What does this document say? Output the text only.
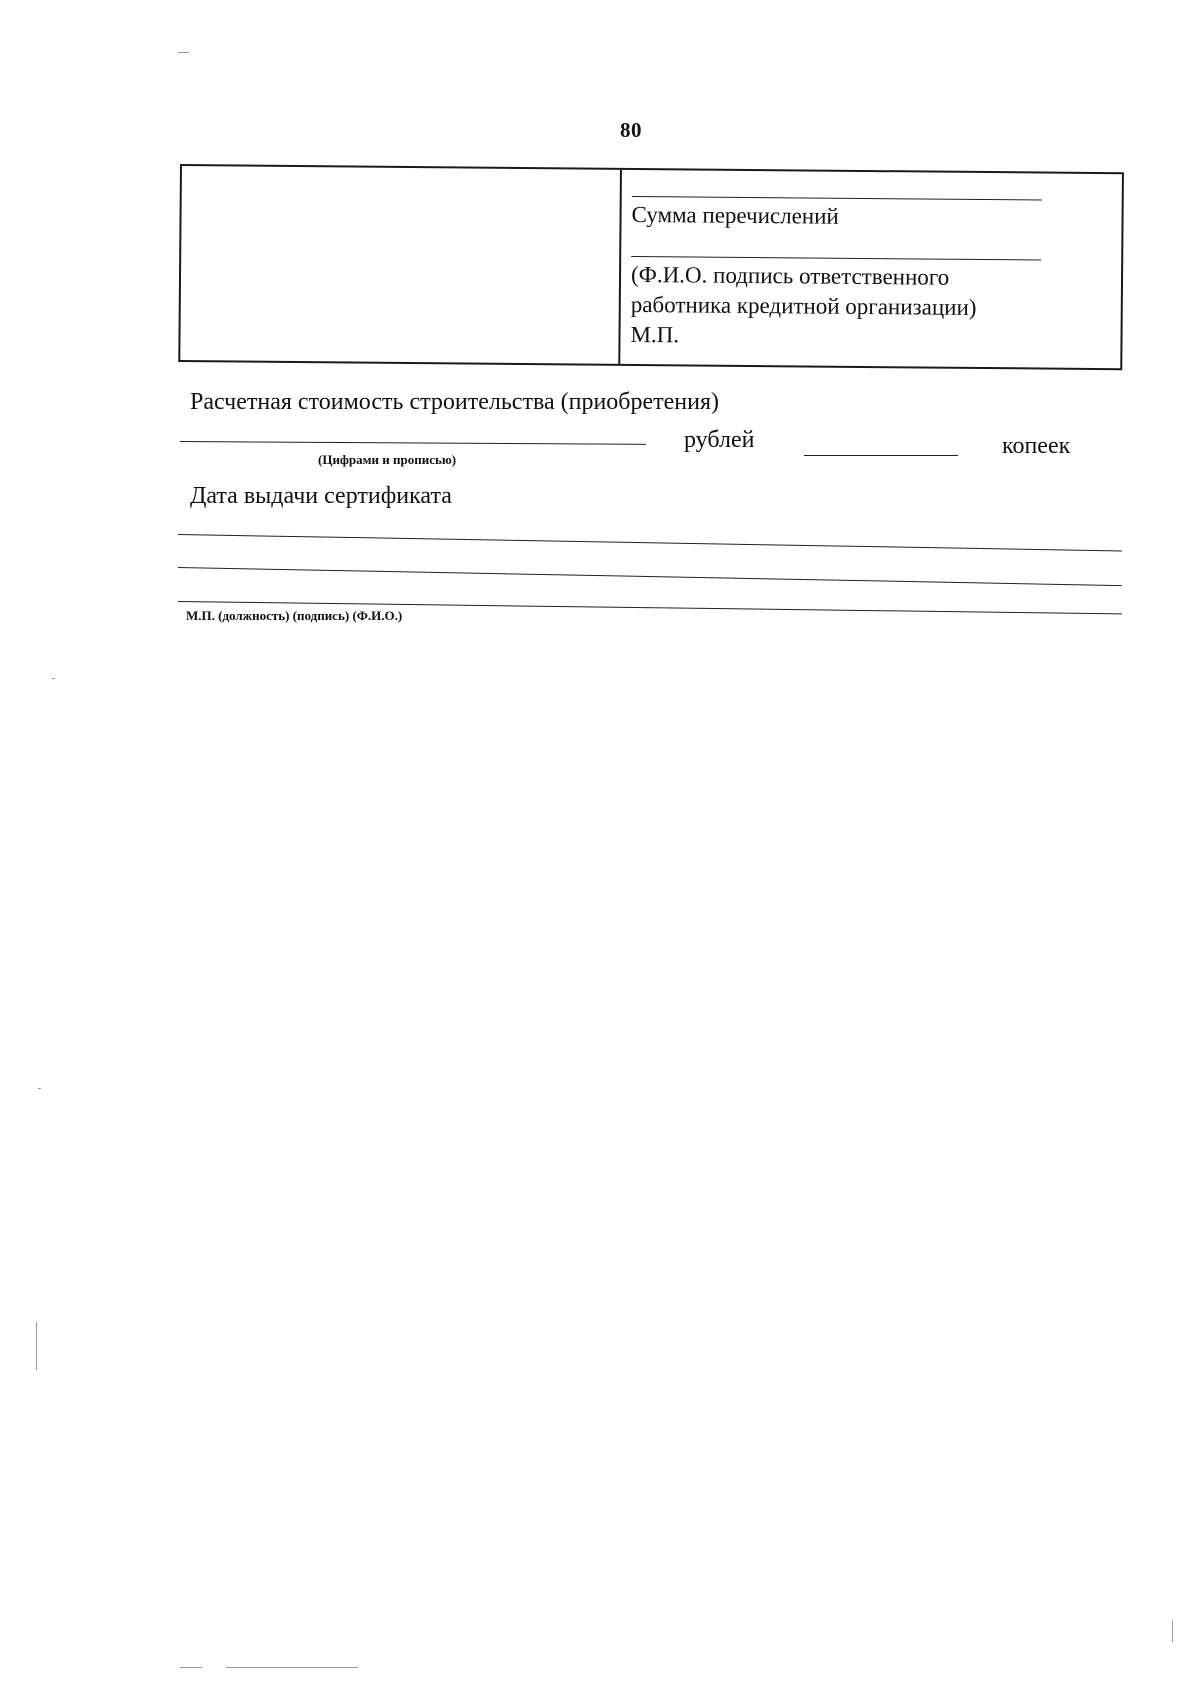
80
Сумма перечислений
(Ф.И.О. подпись ответственного
работника кредитной организации)
М.П.
Расчетная стоимость строительства (приобретения)
рублей	копеек
(Цифрами и прописью)
Дата выдачи сертификата
М.П. (должность) (подпись) (Ф.И.О.)
